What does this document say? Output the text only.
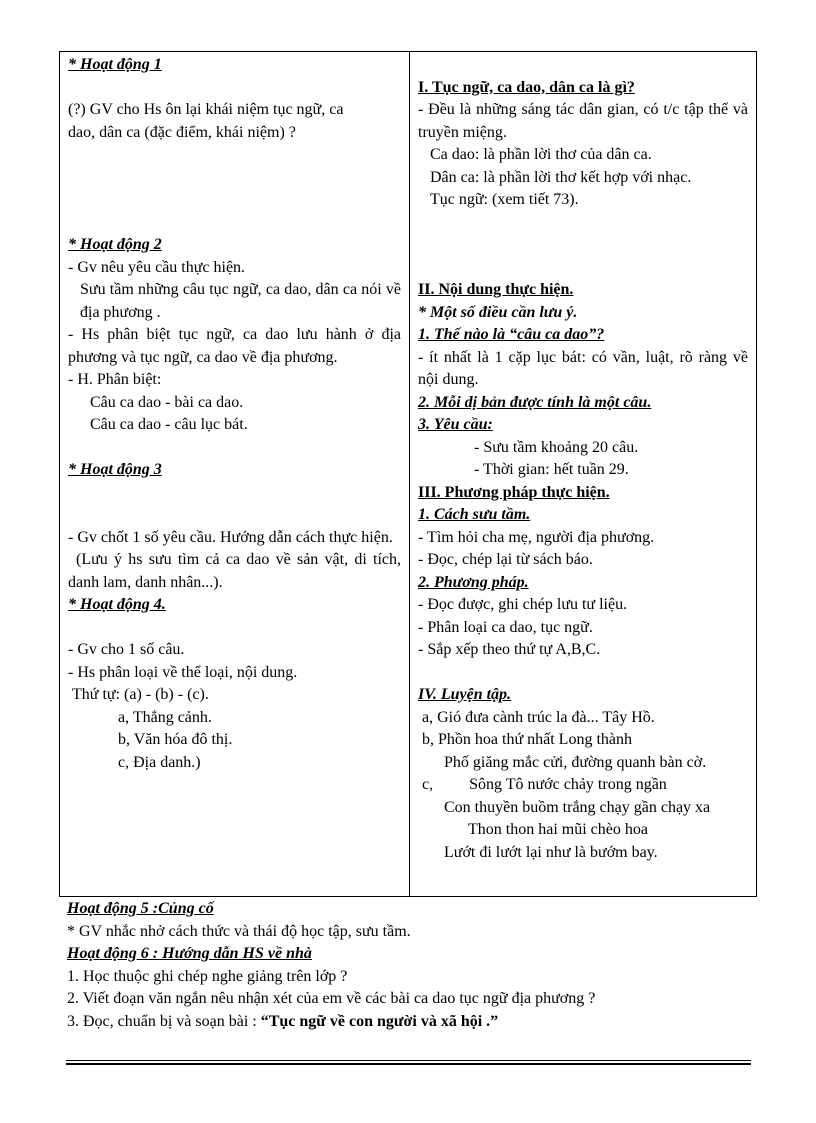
* Hoạt động 1
(?) GV cho Hs ôn lại khái niệm tục ngữ, ca
dao, dân ca (đặc điểm, khái niệm) ?
* Hoạt động 2
- Gv nêu yêu cầu thực hiện.
Sưu tầm những câu tục ngữ, ca dao, dân ca nói về địa phương .
- Hs phân biệt tục ngữ, ca dao lưu hành ở địa phương và tục ngữ, ca dao về địa phương.
- H. Phân biệt:
Câu ca dao - bài ca dao.
Câu ca dao - câu lục bát.
* Hoạt động 3
- Gv chốt 1 số yêu cầu. Hướng dẫn cách thực hiện.
(Lưu ý hs sưu tìm cả ca dao về sản vật, di tích, danh lam, danh nhân...).
* Hoạt động 4.
- Gv cho 1 số câu.
- Hs phân loại về thể loại, nội dung.
Thứ tự: (a) - (b) - (c).
a, Thắng cảnh.
b, Văn hóa đô thị.
c, Địa danh.)
I. Tục ngữ, ca dao, dân ca là gì?
- Đều là những sáng tác dân gian, có t/c tập thể và truyền miệng.
Ca dao: là phần lời thơ của dân ca.
Dân ca: là phần lời thơ kết hợp với nhạc.
Tục ngữ: (xem tiết 73).
II. Nội dung thực hiện.
* Một số điều cần lưu ý.
1. Thế nào là “câu ca dao”?
- ít nhất là 1 cặp lục bát: có vần, luật, rõ ràng về nội dung.
2. Mỗi dị bản được tính là một câu.
3. Yêu cầu:
- Sưu tầm khoảng 20 câu.
- Thời gian: hết tuần 29.
III. Phương pháp thực hiện.
1. Cách sưu tầm.
- Tìm hỏi cha mẹ, người địa phương.
- Đọc, chép lại từ sách báo.
2. Phương pháp.
- Đọc được, ghi chép lưu tư liệu.
- Phân loại ca dao, tục ngữ.
- Sắp xếp theo thứ tự A,B,C.
IV. Luyện tập.
a, Gió đưa cành trúc la đà... Tây Hồ.
b, Phồn hoa thứ nhất Long thành
Phố giăng mắc cửi, đường quanh bàn cờ.
c, Sông Tô nước chảy trong ngần
Con thuyền buồm trắng chạy gần chạy xa
Thon thon hai mũi chèo hoa
Lướt đi lướt lại như là bướm bay.
Hoạt động 5 :Củng cố
* GV nhắc nhở cách thức và thái độ học tập, sưu tầm.
Hoạt động 6 : Hướng dẫn HS về nhà
1. Học thuộc ghi chép nghe giảng trên lớp ?
2. Viết đoạn văn ngắn nêu nhận xét của em về các bài ca dao tục ngữ địa phương ?
3. Đọc, chuẩn bị và soạn bài : “Tục ngữ về con người và xã hội .”
